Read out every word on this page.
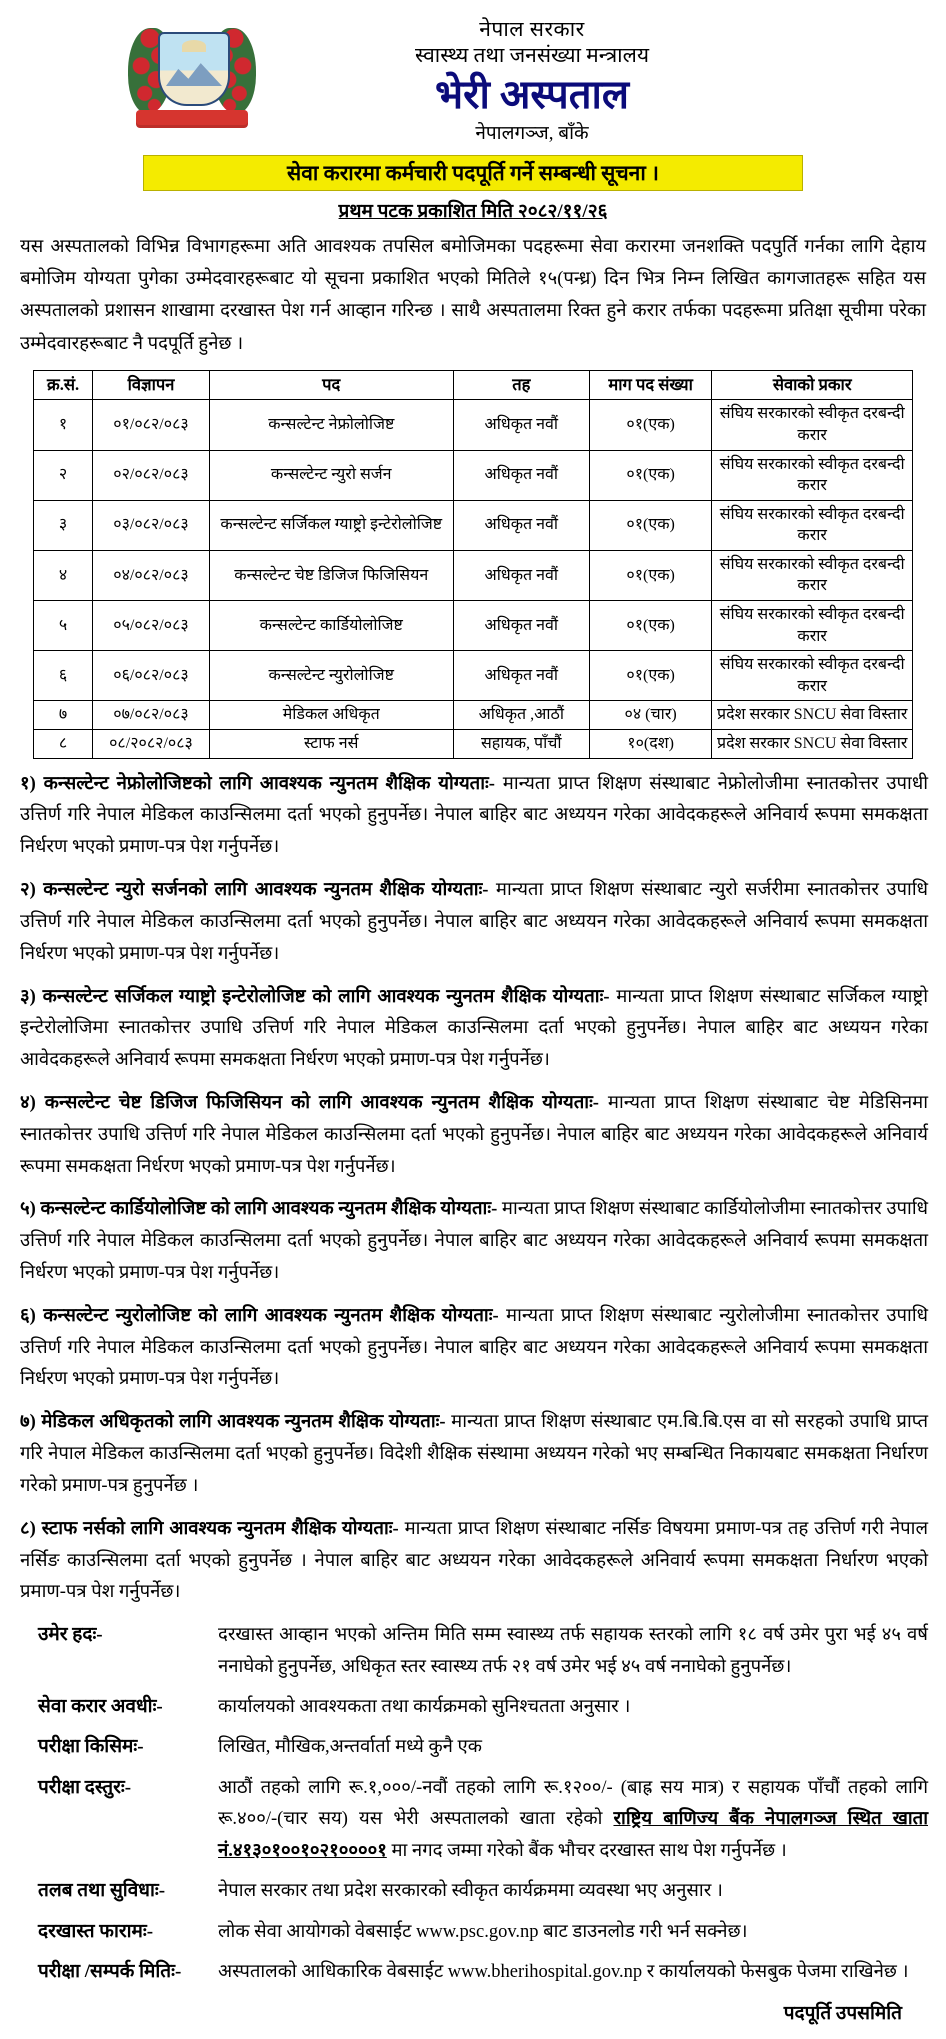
नेपाल सरकार
स्वास्थ्य तथा जनसंख्या मन्त्रालय
भेरी अस्पताल
नेपालगञ्ज, बाँके
सेवा करारमा कर्मचारी पदपूर्ति गर्ने सम्बन्धी सूचना ।
प्रथम पटक प्रकाशित मिति २०८२/११/२६
यस अस्पतालको विभिन्न विभागहरूमा अति आवश्यक तपसिल बमोजिमका पदहरूमा सेवा करारमा जनशक्ति पदपुर्ति गर्नका लागि देहाय बमोजिम योग्यता पुगेका उम्मेदवारहरूबाट यो सूचना प्रकाशित भएको मितिले १५(पन्ध्र) दिन भित्र निम्न लिखित कागजातहरू सहित यस अस्पतालको प्रशासन शाखामा दरखास्त पेश गर्न आव्हान गरिन्छ । साथै अस्पतालमा रिक्त हुने करार तर्फका पदहरूमा प्रतिक्षा सूचीमा परेका उम्मेदवारहरूबाट नै पदपूर्ति हुनेछ ।
क्र.सं.	विज्ञापन	पद	तह	माग पद संख्या	सेवाको प्रकार
१	०१/०८२/०८३	कन्सल्टेन्ट नेफ्रोलोजिष्ट	अधिकृत नवौं	०१(एक)	संघिय सरकारको स्वीकृत दरबन्दी करार
२	०२/०८२/०८३	कन्सल्टेन्ट न्युरो सर्जन	अधिकृत नवौं	०१(एक)	संघिय सरकारको स्वीकृत दरबन्दी करार
३	०३/०८२/०८३	कन्सल्टेन्ट सर्जिकल ग्याष्ट्रो इन्टेरोलोजिष्ट	अधिकृत नवौं	०१(एक)	संघिय सरकारको स्वीकृत दरबन्दी करार
४	०४/०८२/०८३	कन्सल्टेन्ट चेष्ट डिजिज फिजिसियन	अधिकृत नवौं	०१(एक)	संघिय सरकारको स्वीकृत दरबन्दी करार
५	०५/०८२/०८३	कन्सल्टेन्ट कार्डियोलोजिष्ट	अधिकृत नवौं	०१(एक)	संघिय सरकारको स्वीकृत दरबन्दी करार
६	०६/०८२/०८३	कन्सल्टेन्ट न्युरोलोजिष्ट	अधिकृत नवौं	०१(एक)	संघिय सरकारको स्वीकृत दरबन्दी करार
७	०७/०८२/०८३	मेडिकल अधिकृत	अधिकृत ,आठौं	०४ (चार)	प्रदेश सरकार SNCU सेवा विस्तार
८	०८/२०८२/०८३	स्टाफ नर्स	सहायक, पाँचौं	१०(दश)	प्रदेश सरकार SNCU सेवा विस्तार
१) कन्सल्टेन्ट नेफ्रोलोजिष्टको लागि आवश्यक न्युनतम शैक्षिक योग्यताः- मान्यता प्राप्त शिक्षण संस्थाबाट नेफ्रोलोजीमा स्नातकोत्तर उपाधी उत्तिर्ण गरि नेपाल मेडिकल काउन्सिलमा दर्ता भएको हुनुपर्नेछ। नेपाल बाहिर बाट अध्ययन गरेका आवेदकहरूले अनिवार्य रूपमा समकक्षता निर्धरण भएको प्रमाण-पत्र पेश गर्नुपर्नेछ।
२) कन्सल्टेन्ट न्युरो सर्जनको लागि आवश्यक न्युनतम शैक्षिक योग्यताः- मान्यता प्राप्त शिक्षण संस्थाबाट न्युरो सर्जरीमा स्नातकोत्तर उपाधि उत्तिर्ण गरि नेपाल मेडिकल काउन्सिलमा दर्ता भएको हुनुपर्नेछ। नेपाल बाहिर बाट अध्ययन गरेका आवेदकहरूले अनिवार्य रूपमा समकक्षता निर्धरण भएको प्रमाण-पत्र पेश गर्नुपर्नेछ।
३) कन्सल्टेन्ट सर्जिकल ग्याष्ट्रो इन्टेरोलोजिष्ट को लागि आवश्यक न्युनतम शैक्षिक योग्यताः- मान्यता प्राप्त शिक्षण संस्थाबाट सर्जिकल ग्याष्ट्रो इन्टेरोलोजिमा स्नातकोत्तर उपाधि उत्तिर्ण गरि नेपाल मेडिकल काउन्सिलमा दर्ता भएको हुनुपर्नेछ। नेपाल बाहिर बाट अध्ययन गरेका आवेदकहरूले अनिवार्य रूपमा समकक्षता निर्धरण भएको प्रमाण-पत्र पेश गर्नुपर्नेछ।
४) कन्सल्टेन्ट चेष्ट डिजिज फिजिसियन को लागि आवश्यक न्युनतम शैक्षिक योग्यताः- मान्यता प्राप्त शिक्षण संस्थाबाट चेष्ट मेडिसिनमा स्नातकोत्तर उपाधि उत्तिर्ण गरि नेपाल मेडिकल काउन्सिलमा दर्ता भएको हुनुपर्नेछ। नेपाल बाहिर बाट अध्ययन गरेका आवेदकहरूले अनिवार्य रूपमा समकक्षता निर्धरण भएको प्रमाण-पत्र पेश गर्नुपर्नेछ।
५) कन्सल्टेन्ट कार्डियोलोजिष्ट को लागि आवश्यक न्युनतम शैक्षिक योग्यताः- मान्यता प्राप्त शिक्षण संस्थाबाट कार्डियोलोजीमा स्नातकोत्तर उपाधि उत्तिर्ण गरि नेपाल मेडिकल काउन्सिलमा दर्ता भएको हुनुपर्नेछ। नेपाल बाहिर बाट अध्ययन गरेका आवेदकहरूले अनिवार्य रूपमा समकक्षता निर्धरण भएको प्रमाण-पत्र पेश गर्नुपर्नेछ।
६) कन्सल्टेन्ट न्युरोलोजिष्ट को लागि आवश्यक न्युनतम शैक्षिक योग्यताः- मान्यता प्राप्त शिक्षण संस्थाबाट न्युरोलोजीमा स्नातकोत्तर उपाधि उत्तिर्ण गरि नेपाल मेडिकल काउन्सिलमा दर्ता भएको हुनुपर्नेछ। नेपाल बाहिर बाट अध्ययन गरेका आवेदकहरूले अनिवार्य रूपमा समकक्षता निर्धरण भएको प्रमाण-पत्र पेश गर्नुपर्नेछ।
७) मेडिकल अधिकृतको लागि आवश्यक न्युनतम शैक्षिक योग्यताः- मान्यता प्राप्त शिक्षण संस्थाबाट एम.बि.बि.एस वा सो सरहको उपाधि प्राप्त गरि नेपाल मेडिकल काउन्सिलमा दर्ता भएको हुनुपर्नेछ। विदेशी शैक्षिक संस्थामा अध्ययन गरेको भए सम्बन्धित निकायबाट समकक्षता निर्धारण गरेको प्रमाण-पत्र हुनुपर्नेछ ।
८) स्टाफ नर्सको लागि आवश्यक न्युनतम शैक्षिक योग्यताः- मान्यता प्राप्त शिक्षण संस्थाबाट नर्सिङ विषयमा प्रमाण-पत्र तह उत्तिर्ण गरी नेपाल नर्सिङ काउन्सिलमा दर्ता भएको हुनुपर्नेछ । नेपाल बाहिर बाट अध्ययन गरेका आवेदकहरूले अनिवार्य रूपमा समकक्षता निर्धारण भएको प्रमाण-पत्र पेश गर्नुपर्नेछ।
उमेर हदः-	दरखास्त आव्हान भएको अन्तिम मिति सम्म स्वास्थ्य तर्फ सहायक स्तरको लागि १८ वर्ष उमेर पुरा भई ४५ वर्ष ननाघेको हुनुपर्नेछ, अधिकृत स्तर स्वास्थ्य तर्फ २१ वर्ष उमेर भई ४५ वर्ष ननाघेको हुनुपर्नेछ।
सेवा करार अवधीः-	कार्यालयको आवश्यकता तथा कार्यक्रमको सुनिश्चतता अनुसार ।
परीक्षा किसिमः-	लिखित, मौखिक,अन्तर्वार्ता मध्ये कुनै एक
परीक्षा दस्तुरः-	आठौं तहको लागि रू.१,०००/-नवौं तहको लागि रू.१२००/- (बाह्र सय मात्र) र सहायक पाँचौं तहको लागि रू.४००/-(चार सय) यस भेरी अस्पतालको खाता रहेको राष्ट्रिय बाणिज्य बैंक नेपालगञ्ज स्थित खाता नं.४१३०१००१०२१००००१ मा नगद जम्मा गरेको बैंक भौचर दरखास्त साथ पेश गर्नुपर्नेछ ।
तलब तथा सुविधाः-	नेपाल सरकार तथा प्रदेश सरकारको स्वीकृत कार्यक्रममा व्यवस्था भए अनुसार ।
दरखास्त फारामः-	लोक सेवा आयोगको वेबसाईट www.psc.gov.np बाट डाउनलोड गरी भर्न सक्नेछ।
परीक्षा /सम्पर्क मितिः-	अस्पतालको आधिकारिक वेबसाईट www.bherihospital.gov.np र कार्यालयको फेसबुक पेजमा राखिनेछ ।
पदपूर्ति उपसमिति
